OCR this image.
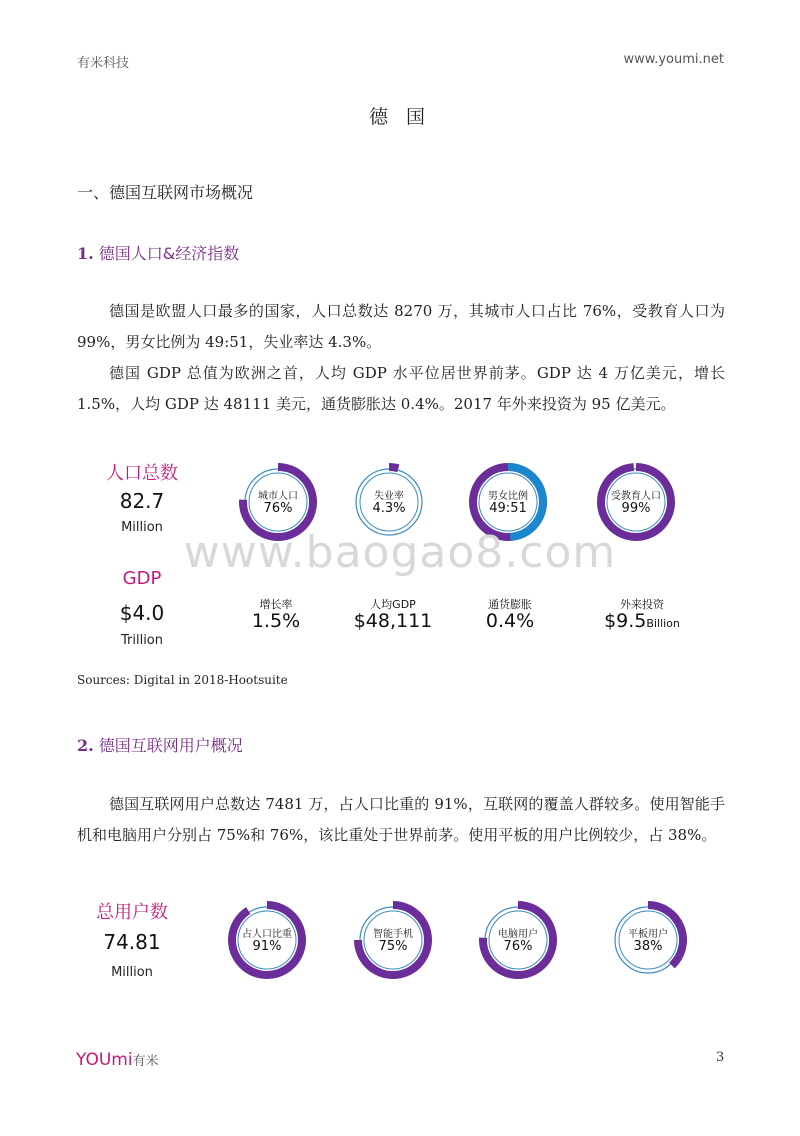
有米科技	www.youmi.net
德 国
一、德国互联网市场概况
1. 德国人口&经济指数
德国是欧盟人口最多的国家，人口总数达 8270 万，其城市人口占比 76%，受教育人口为 99%，男女比例为 49:51，失业率达 4.3%。
德国 GDP 总值为欧洲之首，人均 GDP 水平位居世界前茅。GDP 达 4 万亿美元，增长 1.5%，人均 GDP 达 48111 美元，通货膨胀达 0.4%。2017 年外来投资为 95 亿美元。
人口总数
82.7
Million
GDP
$4.0
Trillion
城市人口
76%
失业率
4.3%
男女比例
49:51
受教育人口
99%
增长率
1.5%
人均GDP
$48,111
通货膨胀
0.4%
外来投资
$9.5Billion
www.baogao8.com
Sources: Digital in 2018-Hootsuite
2. 德国互联网用户概况
德国互联网用户总数达 7481 万，占人口比重的 91%，互联网的覆盖人群较多。使用智能手机和电脑用户分别占 75%和 76%，该比重处于世界前茅。使用平板的用户比例较少，占 38%。
总用户数
74.81
Million
占人口比重
91%
智能手机
75%
电脑用户
76%
平板用户
38%
YOUmi有米	3
